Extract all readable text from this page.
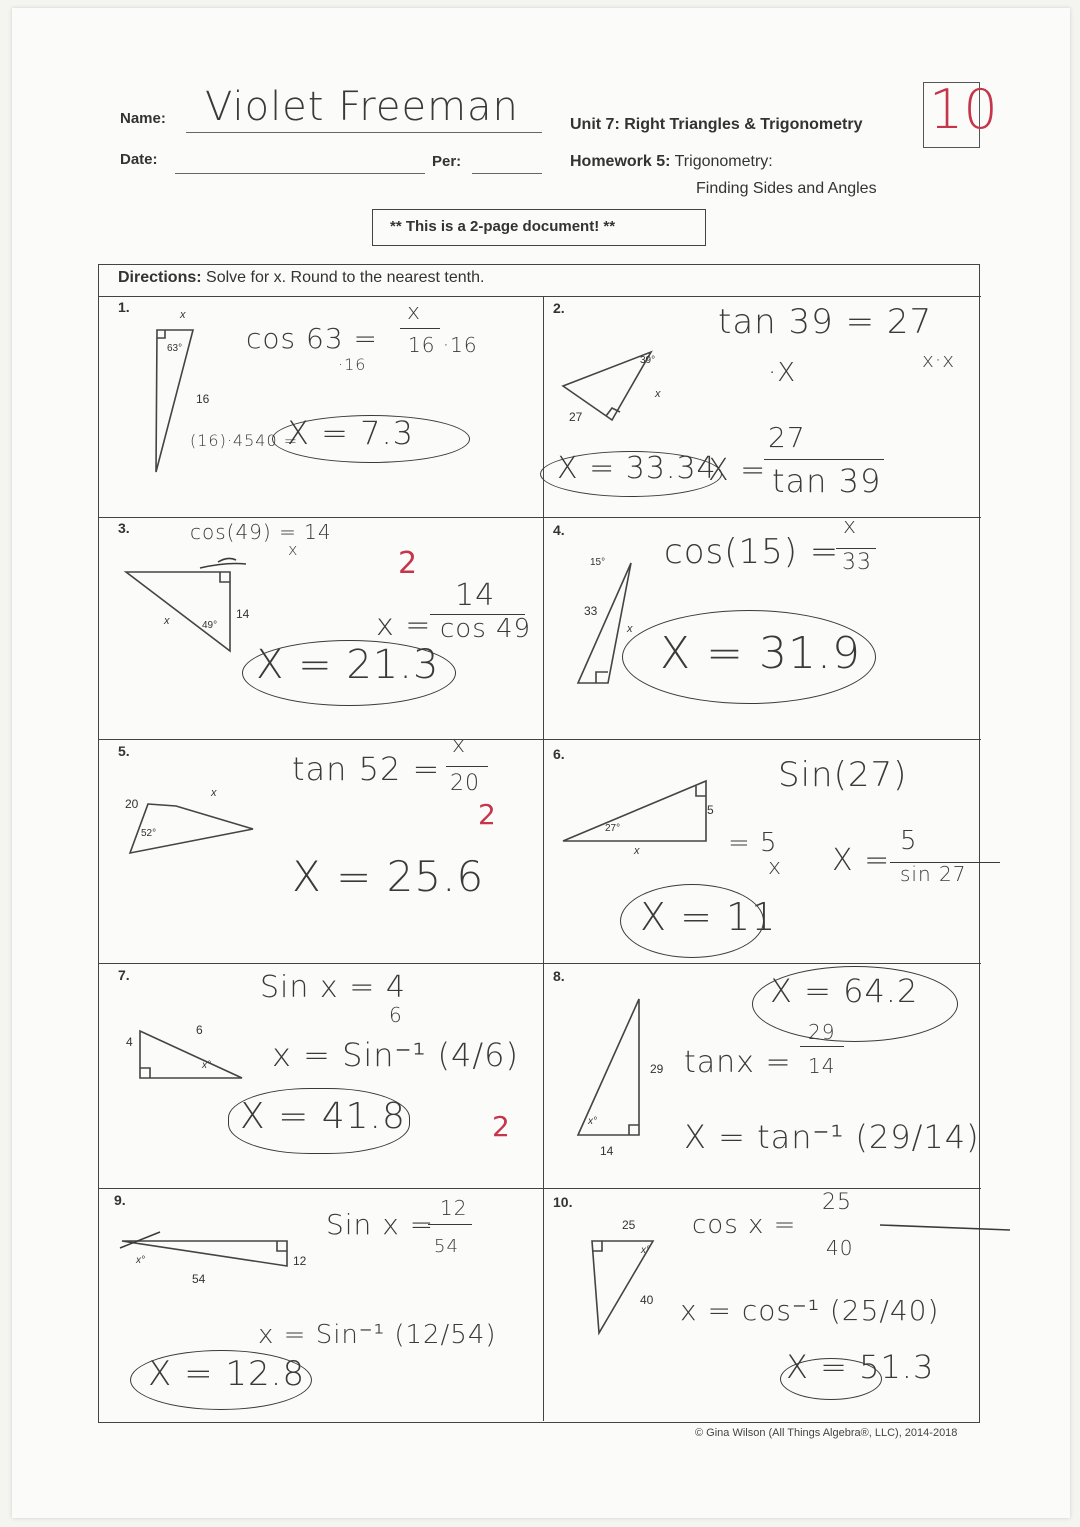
Name: Violet Freeman
Date:	Per:
Unit 7: Right Triangles & Trigonometry
Homework 5: Trigonometry:
Finding Sides and Angles
10
** This is a 2-page document! **
Directions: Solve for x. Round to the nearest tenth.
1.	2.
3.	4.
5.	6.
7.	8.
9.	10.
x
63°
16
39°
x
27
x	49°
14
15°
33
x
20
x
52°
5
27°
x
4
6
x°	29
x°
14
x°
54
12
25
x°
40
cos 63 =
x
16 ·16
·16
(16)·4540 =
X = 7.3
tan 39 = 27
x·x
·X
X = 33.34
X =
27
tan 39
cos(49) = 14
x	2
x =
14
cos 49
X = 21.3
cos(15) =
x
33
X = 31.9
tan 52 =
x
20
2
X = 25.6
Sin(27)
= 5
x X =
5
sin 27
X = 11
Sin x = 4
6
x = Sin⁻¹ (4/6)
X = 41.8	2
X = 64.2
tanx =
29
14
X = tan⁻¹ (29/14)
Sin x = 12
54
x = Sin⁻¹ (12/54)
X = 12.8
cos x =
25
40
x = cos⁻¹ (25/40)
X = 51.3
© Gina Wilson (All Things Algebra®, LLC), 2014-2018
